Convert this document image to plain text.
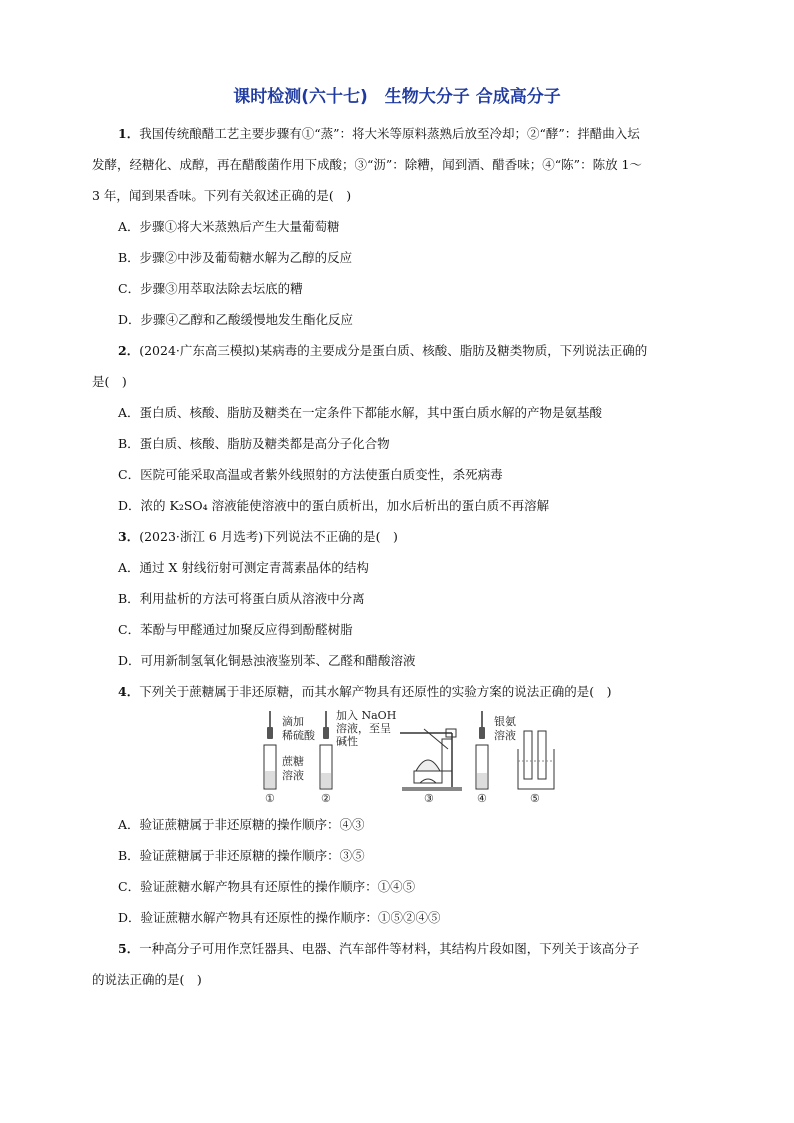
课时检测(六十七)　生物大分子 合成高分子
1．我国传统酿醋工艺主要步骤有①“蒸”：将大米等原料蒸熟后放至冷却；②“酵”：拌醋曲入坛
发酵，经糖化、成醇，再在醋酸菌作用下成酸；③“沥”：除糟，闻到酒、醋香味；④“陈”：陈放 1～
3 年，闻到果香味。下列有关叙述正确的是(　)
A．步骤①将大米蒸熟后产生大量葡萄糖
B．步骤②中涉及葡萄糖水解为乙醇的反应
C．步骤③用萃取法除去坛底的糟
D．步骤④乙醇和乙酸缓慢地发生酯化反应
2．(2024·广东高三模拟)某病毒的主要成分是蛋白质、核酸、脂肪及糖类物质，下列说法正确的
是(　)
A．蛋白质、核酸、脂肪及糖类在一定条件下都能水解，其中蛋白质水解的产物是氨基酸
B．蛋白质、核酸、脂肪及糖类都是高分子化合物
C．医院可能采取高温或者紫外线照射的方法使蛋白质变性，杀死病毒
D．浓的 K₂SO₄ 溶液能使溶液中的蛋白质析出，加水后析出的蛋白质不再溶解
3．(2023·浙江 6 月选考)下列说法不正确的是(　)
A．通过 X 射线衍射可测定青蒿素晶体的结构
B．利用盐析的方法可将蛋白质从溶液中分离
C．苯酚与甲醛通过加聚反应得到酚醛树脂
D．可用新制氢氧化铜悬浊液鉴别苯、乙醛和醋酸溶液
4．下列关于蔗糖属于非还原糖，而其水解产物具有还原性的实验方案的说法正确的是(　)
滴加
稀硫酸
蔗糖
溶液
①
加入 NaOH
溶液，至呈
碱性
②	③
银氨
溶液
④	⑤
A．验证蔗糖属于非还原糖的操作顺序：④③
B．验证蔗糖属于非还原糖的操作顺序：③⑤
C．验证蔗糖水解产物具有还原性的操作顺序：①④⑤
D．验证蔗糖水解产物具有还原性的操作顺序：①⑤②④⑤
5．一种高分子可用作烹饪器具、电器、汽车部件等材料，其结构片段如图，下列关于该高分子
的说法正确的是(　)
